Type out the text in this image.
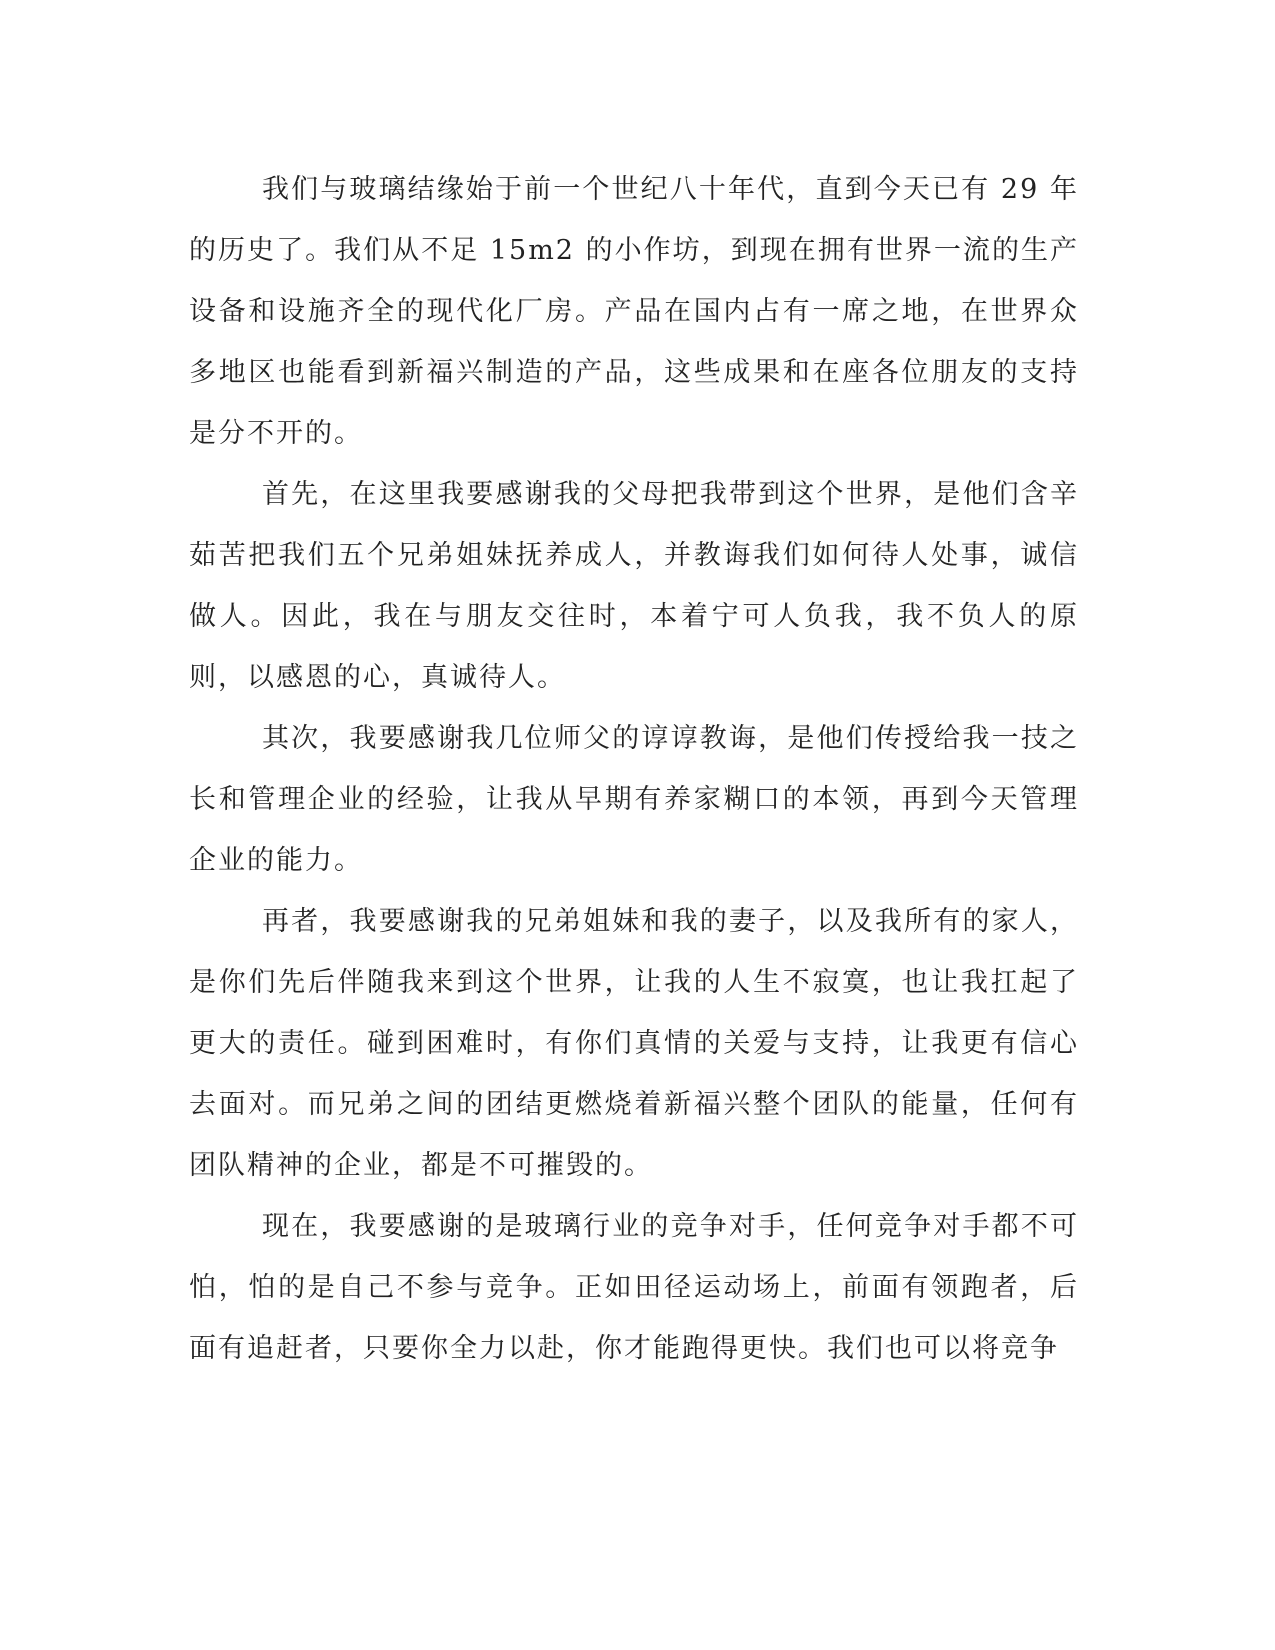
我们与玻璃结缘始于前一个世纪八十年代，直到今天已有 29 年的历史了。我们从不足 15m2 的小作坊，到现在拥有世界一流的生产设备和设施齐全的现代化厂房。产品在国内占有一席之地，在世界众多地区也能看到新福兴制造的产品，这些成果和在座各位朋友的支持是分不开的。

首先，在这里我要感谢我的父母把我带到这个世界，是他们含辛茹苦把我们五个兄弟姐妹抚养成人，并教诲我们如何待人处事，诚信做人。因此，我在与朋友交往时，本着宁可人负我，我不负人的原则，以感恩的心，真诚待人。

其次，我要感谢我几位师父的谆谆教诲，是他们传授给我一技之长和管理企业的经验，让我从早期有养家糊口的本领，再到今天管理企业的能力。

再者，我要感谢我的兄弟姐妹和我的妻子，以及我所有的家人，是你们先后伴随我来到这个世界，让我的人生不寂寞，也让我扛起了更大的责任。碰到困难时，有你们真情的关爱与支持，让我更有信心去面对。而兄弟之间的团结更燃烧着新福兴整个团队的能量，任何有团队精神的企业，都是不可摧毁的。

现在，我要感谢的是玻璃行业的竞争对手，任何竞争对手都不可怕，怕的是自己不参与竞争。正如田径运动场上，前面有领跑者，后面有追赶者，只要你全力以赴，你才能跑得更快。我们也可以将竞争
